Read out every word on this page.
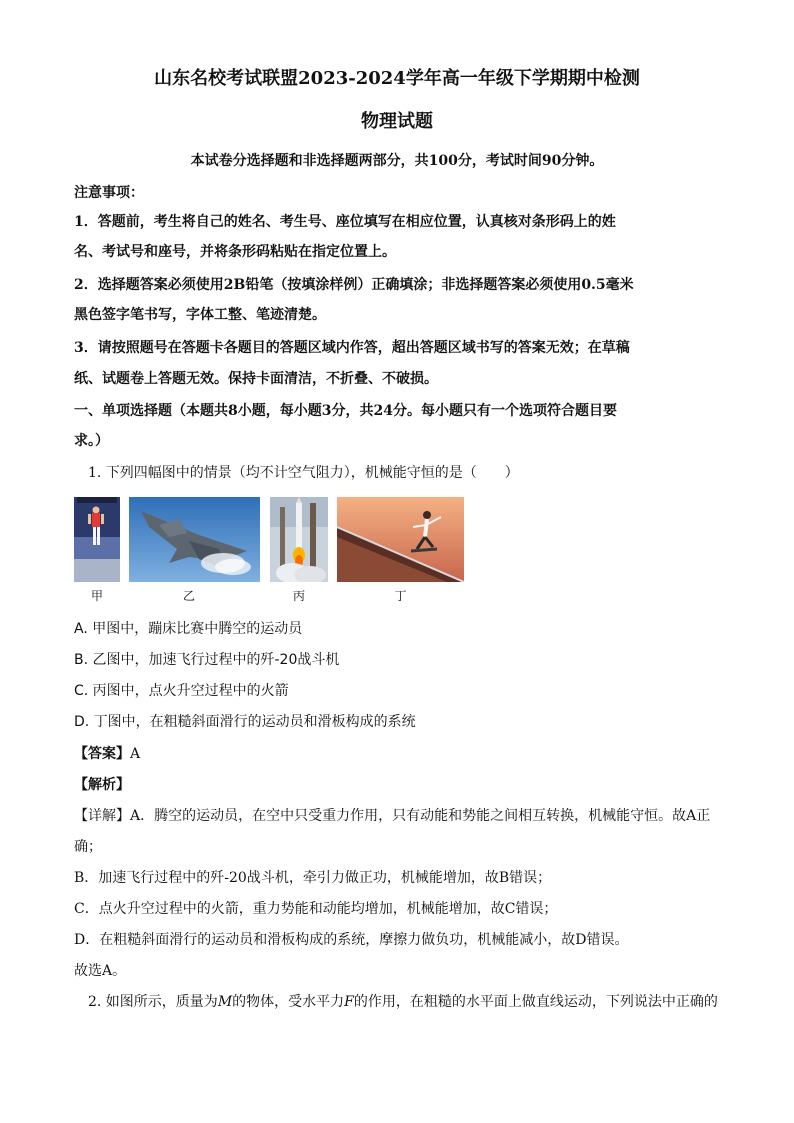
山东名校考试联盟2023-2024学年高一年级下学期期中检测
物理试题
本试卷分选择题和非选择题两部分，共100分，考试时间90分钟。
注意事项：
1．答题前，考生将自己的姓名、考生号、座位填写在相应位置，认真核对条形码上的姓
名、考试号和座号，并将条形码粘贴在指定位置上。
2．选择题答案必须使用2B铅笔（按填涂样例）正确填涂；非选择题答案必须使用0.5毫米
黑色签字笔书写，字体工整、笔迹清楚。
3．请按照题号在答题卡各题目的答题区域内作答，超出答题区域书写的答案无效；在草稿
纸、试题卷上答题无效。保持卡面清洁，不折叠、不破损。
一、单项选择题（本题共8小题，每小题3分，共24分。每小题只有一个选项符合题目要
求。）
1. 下列四幅图中的情景（均不计空气阻力），机械能守恒的是（　　）
甲	乙	丙	丁
A. 甲图中，蹦床比赛中腾空的运动员
B. 乙图中，加速飞行过程中的歼-20战斗机
C. 丙图中，点火升空过程中的火箭
D. 丁图中，在粗糙斜面滑行的运动员和滑板构成的系统
【答案】A
【解析】
【详解】A．腾空的运动员，在空中只受重力作用，只有动能和势能之间相互转换，机械能守恒。故A正
确；
B．加速飞行过程中的歼-20战斗机，牵引力做正功，机械能增加，故B错误；
C．点火升空过程中的火箭，重力势能和动能均增加，机械能增加，故C错误；
D．在粗糙斜面滑行的运动员和滑板构成的系统，摩擦力做负功，机械能减小，故D错误。
故选A。
2. 如图所示，质量为M的物体，受水平力F的作用，在粗糙的水平面上做直线运动，下列说法中正确的
